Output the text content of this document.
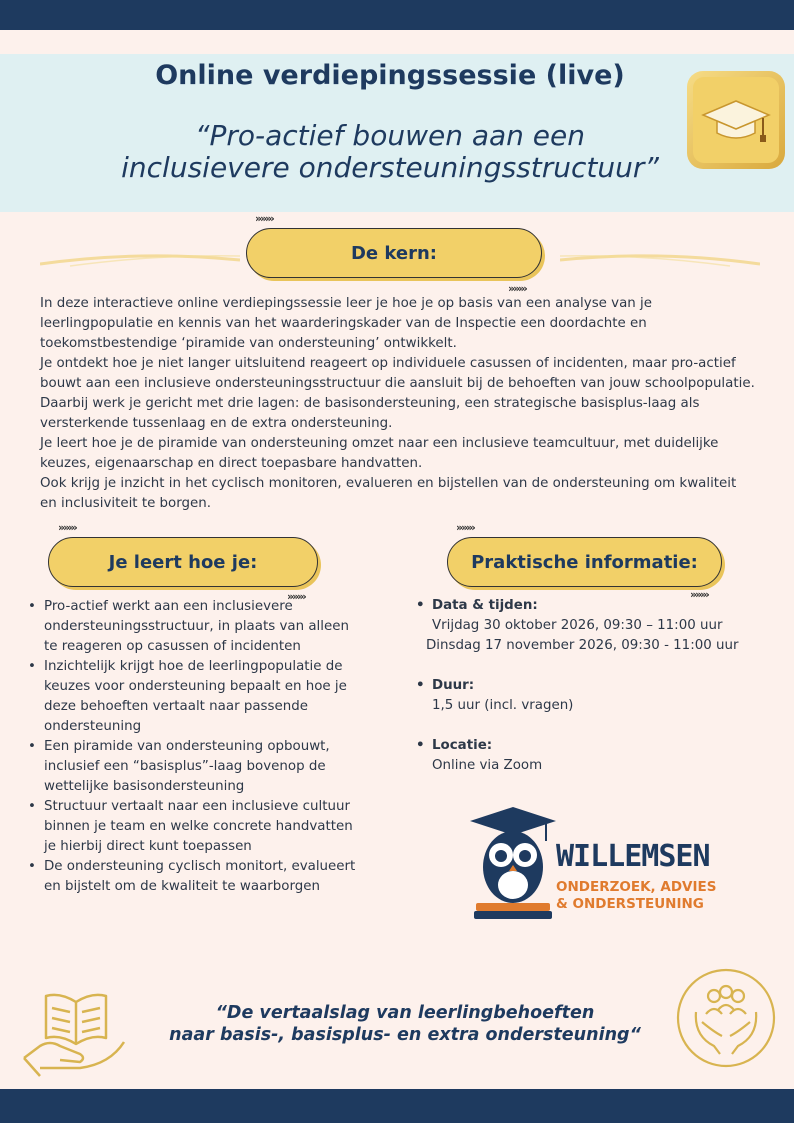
Online verdiepingssessie (live)
“Pro-actief bouwen aan een
inclusievere ondersteuningsstructuur”
›››››››
De kern:
›››››››

In deze interactieve online verdiepingssessie leer je hoe je op basis van een analyse van je leerlingpopulatie en kennis van het waarderingskader van de Inspectie een doordachte en toekomstbestendige ‘piramide van ondersteuning’ ontwikkelt.

Je ontdekt hoe je niet langer uitsluitend reageert op individuele casussen of incidenten, maar pro-actief bouwt aan een inclusieve ondersteuningsstructuur die aansluit bij de behoeften van jouw schoolpopulatie. Daarbij werk je gericht met drie lagen: de basisondersteuning, een strategische basisplus-laag als versterkende tussenlaag en de extra ondersteuning.

Je leert hoe je de piramide van ondersteuning omzet naar een inclusieve teamcultuur, met duidelijke keuzes, eigenaarschap en direct toepasbare handvatten.

Ook krijg je inzicht in het cyclisch monitoren, evalueren en bijstellen van de ondersteuning om kwaliteit en inclusiviteit te borgen.

›››››››
Je leert hoe je:
›››››››
• Pro-actief werkt aan een inclusievere ondersteuningsstructuur, in plaats van alleen te reageren op casussen of incidenten
• Inzichtelijk krijgt hoe de leerlingpopulatie de keuzes voor ondersteuning bepaalt en hoe je deze behoeften vertaalt naar passende ondersteuning
• Een piramide van ondersteuning opbouwt, inclusief een “basisplus”-laag bovenop de wettelijke basisondersteuning
• Structuur vertaalt naar een inclusieve cultuur binnen je team en welke concrete handvatten je hierbij direct kunt toepassen
• De ondersteuning cyclisch monitort, evalueert en bijstelt om de kwaliteit te waarborgen
›››››››
Praktische informatie:
›››››››
• Data & tijden:
Vrijdag 30 oktober 2026, 09:30 – 11:00 uur
Dinsdag 17 november 2026, 09:30 - 11:00 uur
• Duur:
1,5 uur (incl. vragen)
• Locatie:
Online via Zoom
WILLEMSEN
ONDERZOEK, ADVIES
& ONDERSTEUNING
“De vertaalslag van leerlingbehoeften
naar basis-, basisplus- en extra ondersteuning“
